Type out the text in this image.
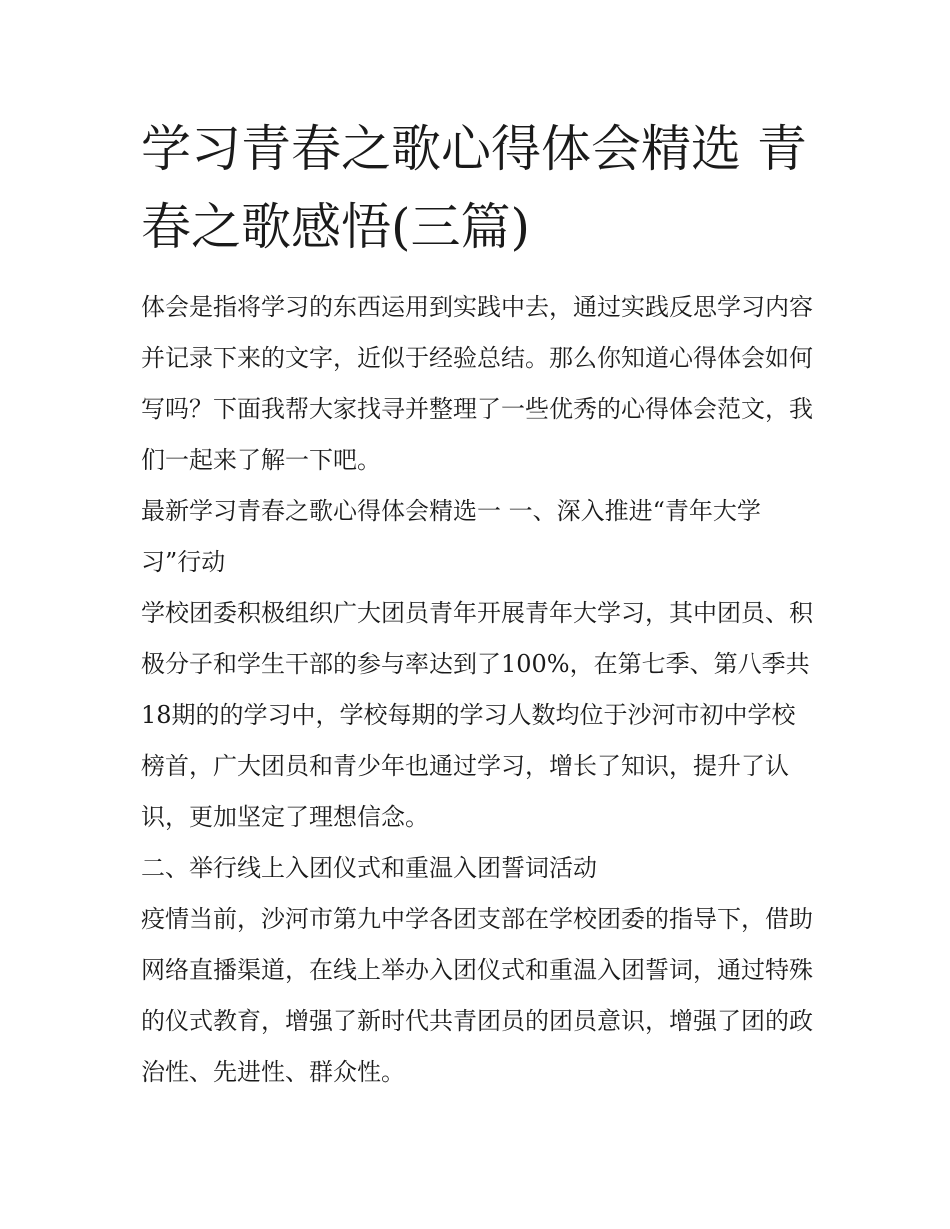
学习青春之歌心得体会精选 青春之歌感悟(三篇)

体会是指将学习的东西运用到实践中去，通过实践反思学习内容并记录下来的文字，近似于经验总结。那么你知道心得体会如何写吗？下面我帮大家找寻并整理了一些优秀的心得体会范文，我们一起来了解一下吧。

最新学习青春之歌心得体会精选一 一、深入推进“青年大学习”行动

学校团委积极组织广大团员青年开展青年大学习，其中团员、积极分子和学生干部的参与率达到了100%，在第七季、第八季共18期的的学习中，学校每期的学习人数均位于沙河市初中学校榜首，广大团员和青少年也通过学习，增长了知识，提升了认识，更加坚定了理想信念。

二、举行线上入团仪式和重温入团誓词活动

疫情当前，沙河市第九中学各团支部在学校团委的指导下，借助网络直播渠道，在线上举办入团仪式和重温入团誓词，通过特殊的仪式教育，增强了新时代共青团员的团员意识，增强了团的政治性、先进性、群众性。
